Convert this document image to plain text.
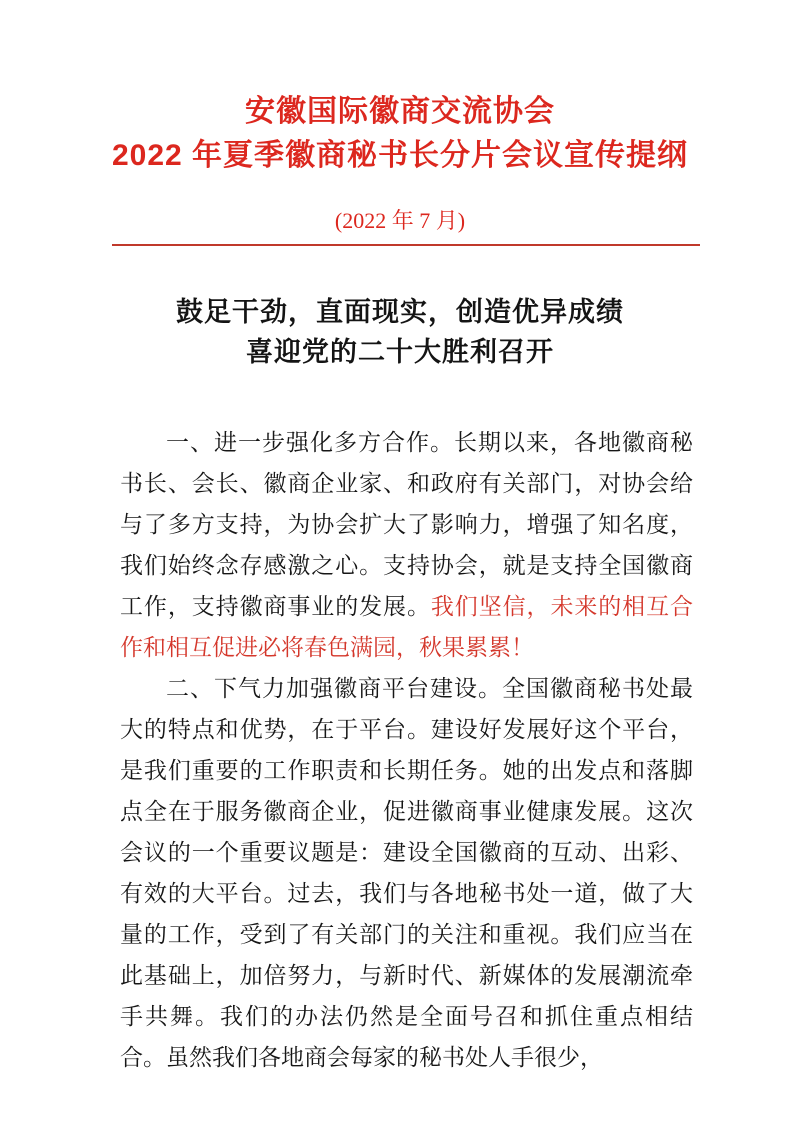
安徽国际徽商交流协会
2022 年夏季徽商秘书长分片会议宣传提纲
(2022 年 7 月)
鼓足干劲，直面现实，创造优异成绩
喜迎党的二十大胜利召开

一、进一步强化多方合作。长期以来，各地徽商秘书长、会长、徽商企业家、和政府有关部门，对协会给与了多方支持，为协会扩大了影响力，增强了知名度，我们始终念存感激之心。支持协会，就是支持全国徽商工作，支持徽商事业的发展。我们坚信，未来的相互合作和相互促进必将春色满园，秋果累累！

二、下气力加强徽商平台建设。全国徽商秘书处最大的特点和优势，在于平台。建设好发展好这个平台，是我们重要的工作职责和长期任务。她的出发点和落脚点全在于服务徽商企业，促进徽商事业健康发展。这次会议的一个重要议题是：建设全国徽商的互动、出彩、有效的大平台。过去，我们与各地秘书处一道，做了大量的工作，受到了有关部门的关注和重视。我们应当在此基础上，加倍努力，与新时代、新媒体的发展潮流牵手共舞。我们的办法仍然是全面号召和抓住重点相结合。虽然我们各地商会每家的秘书处人手很少，
